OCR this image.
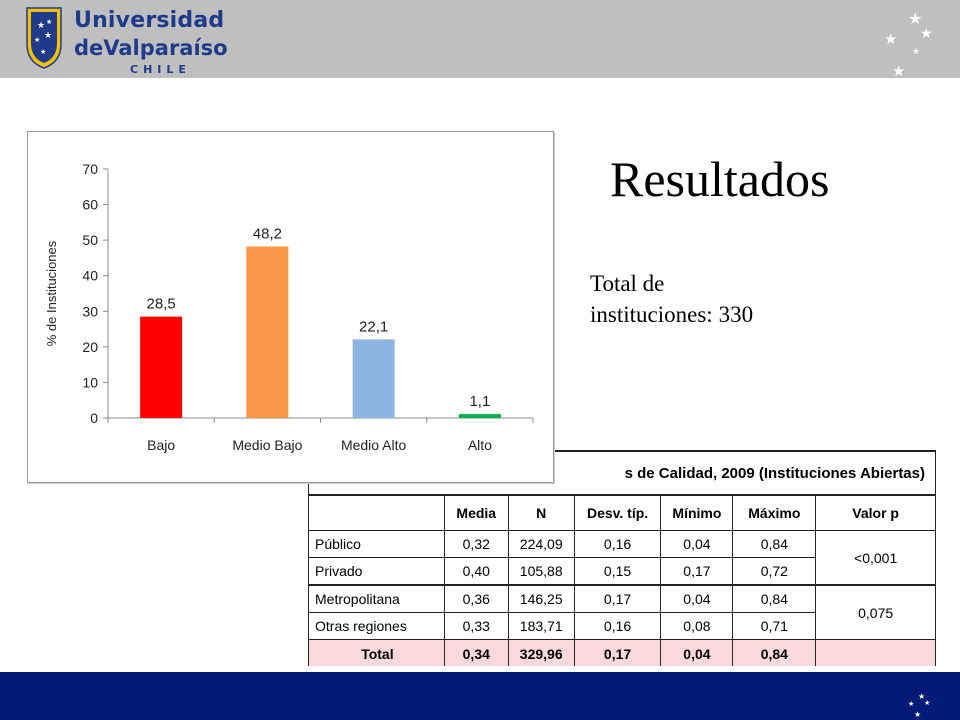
★ ★
★ ★
★
Universidad
deValparaíso
CHILE
★
★ ★
★
★
Resultados
Total de
instituciones: 330
s de Calidad, 2009 (Instituciones Abiertas)						
	Media	N	Desv. típ.	Mínimo	Máximo	Valor p
Público	0,32	224,09	0,16	0,04	0,84	<0,001
Privado	0,40	105,88	0,15	0,17	0,72	
Metropolitana	0,36	146,25	0,17	0,04	0,84	0,075
Otras regiones	0,33	183,71	0,16	0,08	0,71	
Total	0,34	329,96	0,17	0,04	0,84	
0
10
20
30
40
50
60
70
% de Instituciones	28,5
Bajo
48,2
Medio Bajo
22,1
Medio Alto
1,1
Alto
★
★ ★
★
